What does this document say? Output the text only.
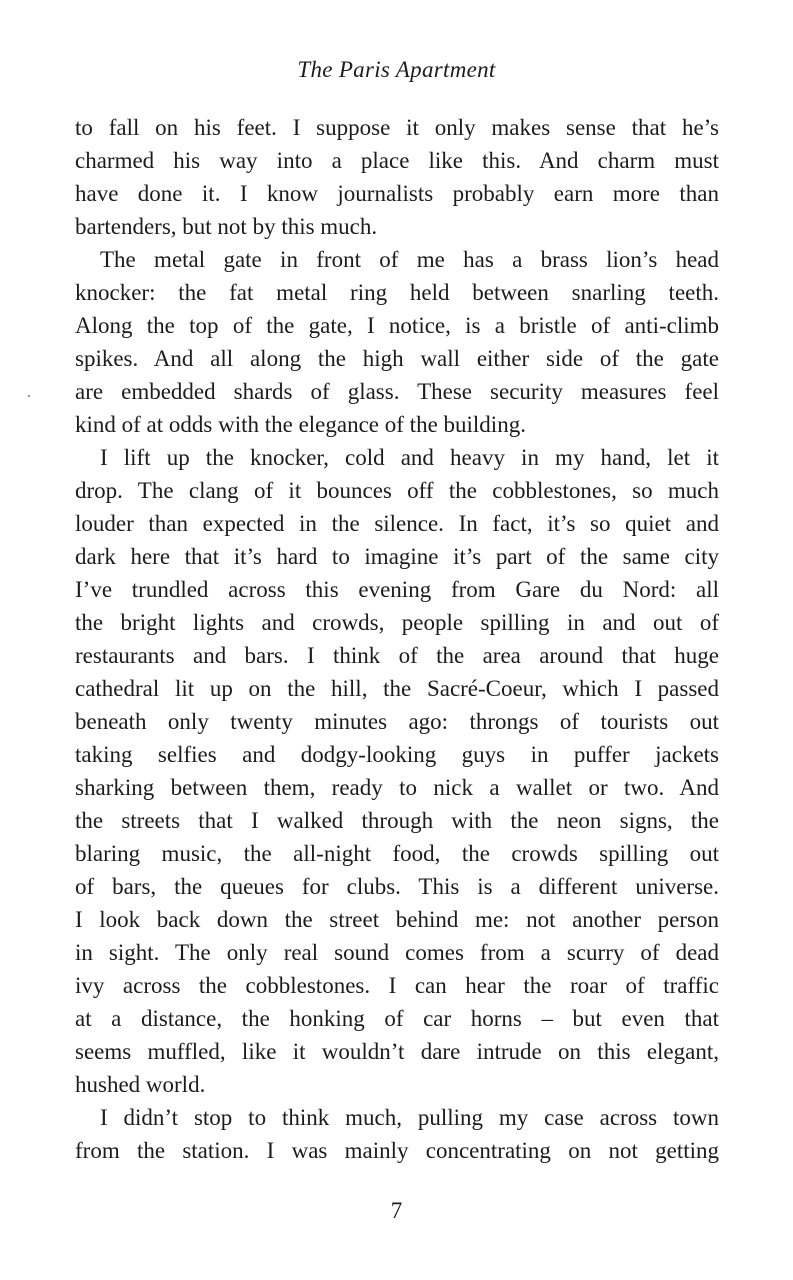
The Paris Apartment
to fall on his feet. I suppose it only makes sense that he’s
charmed his way into a place like this. And charm must
have done it. I know journalists probably earn more than
bartenders, but not by this much.
The metal gate in front of me has a brass lion’s head
knocker: the fat metal ring held between snarling teeth.
Along the top of the gate, I notice, is a bristle of anti-climb
spikes. And all along the high wall either side of the gate
are embedded shards of glass. These security measures feel
kind of at odds with the elegance of the building.
I lift up the knocker, cold and heavy in my hand, let it
drop. The clang of it bounces off the cobblestones, so much
louder than expected in the silence. In fact, it’s so quiet and
dark here that it’s hard to imagine it’s part of the same city
I’ve trundled across this evening from Gare du Nord: all
the bright lights and crowds, people spilling in and out of
restaurants and bars. I think of the area around that huge
cathedral lit up on the hill, the Sacré-Coeur, which I passed
beneath only twenty minutes ago: throngs of tourists out
taking selfies and dodgy-looking guys in puffer jackets
sharking between them, ready to nick a wallet or two. And
the streets that I walked through with the neon signs, the
blaring music, the all-night food, the crowds spilling out
of bars, the queues for clubs. This is a different universe.
I look back down the street behind me: not another person
in sight. The only real sound comes from a scurry of dead
ivy across the cobblestones. I can hear the roar of traffic
at a distance, the honking of car horns – but even that
seems muffled, like it wouldn’t dare intrude on this elegant,
hushed world.
I didn’t stop to think much, pulling my case across town
from the station. I was mainly concentrating on not getting
7
